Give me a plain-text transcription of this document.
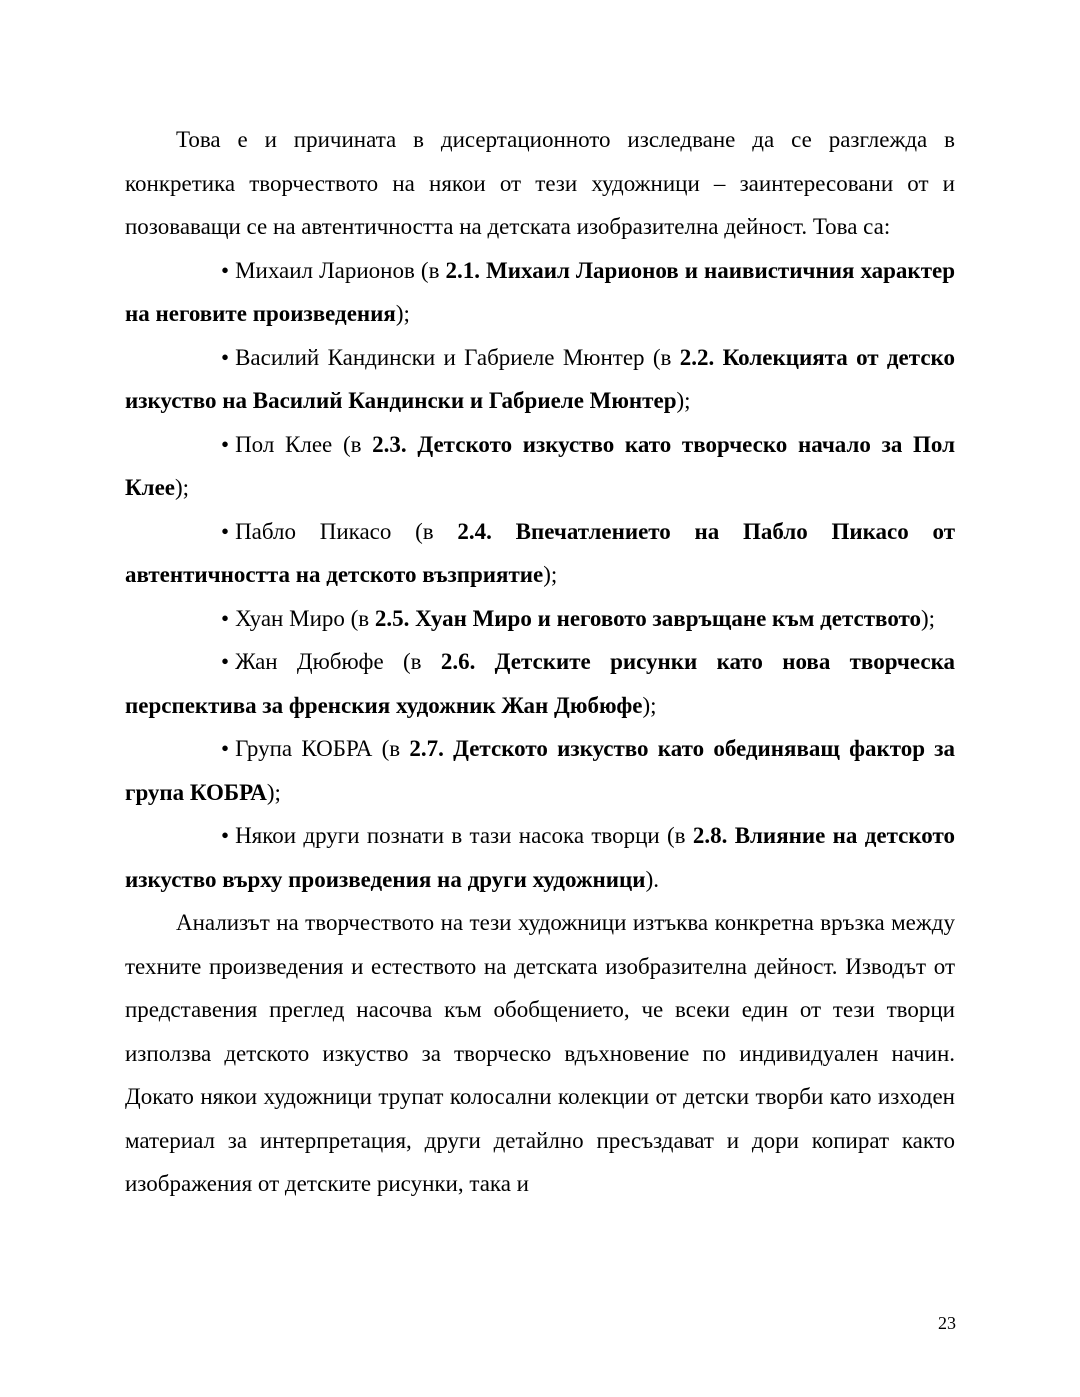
Това е и причината в дисертационното изследване да се разглежда в конкретика творчеството на някои от тези художници – заинтересовани от и позоваващи се на автентичността на детската изобразителна дейност. Това са:

• Михаил Ларионов (в 2.1. Михаил Ларионов и наивистичния характер на неговите произведения);

• Василий Кандински и Габриеле Мюнтер (в 2.2. Колекцията от детско изкуство на Василий Кандински и Габриеле Мюнтер);

• Пол Клее (в 2.3. Детското изкуство като творческо начало за Пол Клее);

• Пабло Пикасо (в 2.4. Впечатлението на Пабло Пикасо от автентичността на детското възприятие);

• Хуан Миро (в 2.5. Хуан Миро и неговото завръщане към детството);

• Жан Дюбюфе (в 2.6. Детските рисунки като нова творческа перспектива за френския художник Жан Дюбюфе);

• Група КОБРА (в 2.7. Детското изкуство като обединяващ фактор за група КОБРА);

• Някои други познати в тази насока творци (в 2.8. Влияние на детското изкуство върху произведения на други художници).

Анализът на творчеството на тези художници изтъква конкретна връзка между техните произведения и естеството на детската изобразителна дейност. Изводът от представения преглед насочва към обобщението, че всеки един от тези творци използва детското изкуство за творческо вдъхновение по индивидуален начин. Докато някои художници трупат колосални колекции от детски творби като изходен материал за интерпретация, други детайлно пресъздават и дори копират както изображения от детските рисунки, така и

23
